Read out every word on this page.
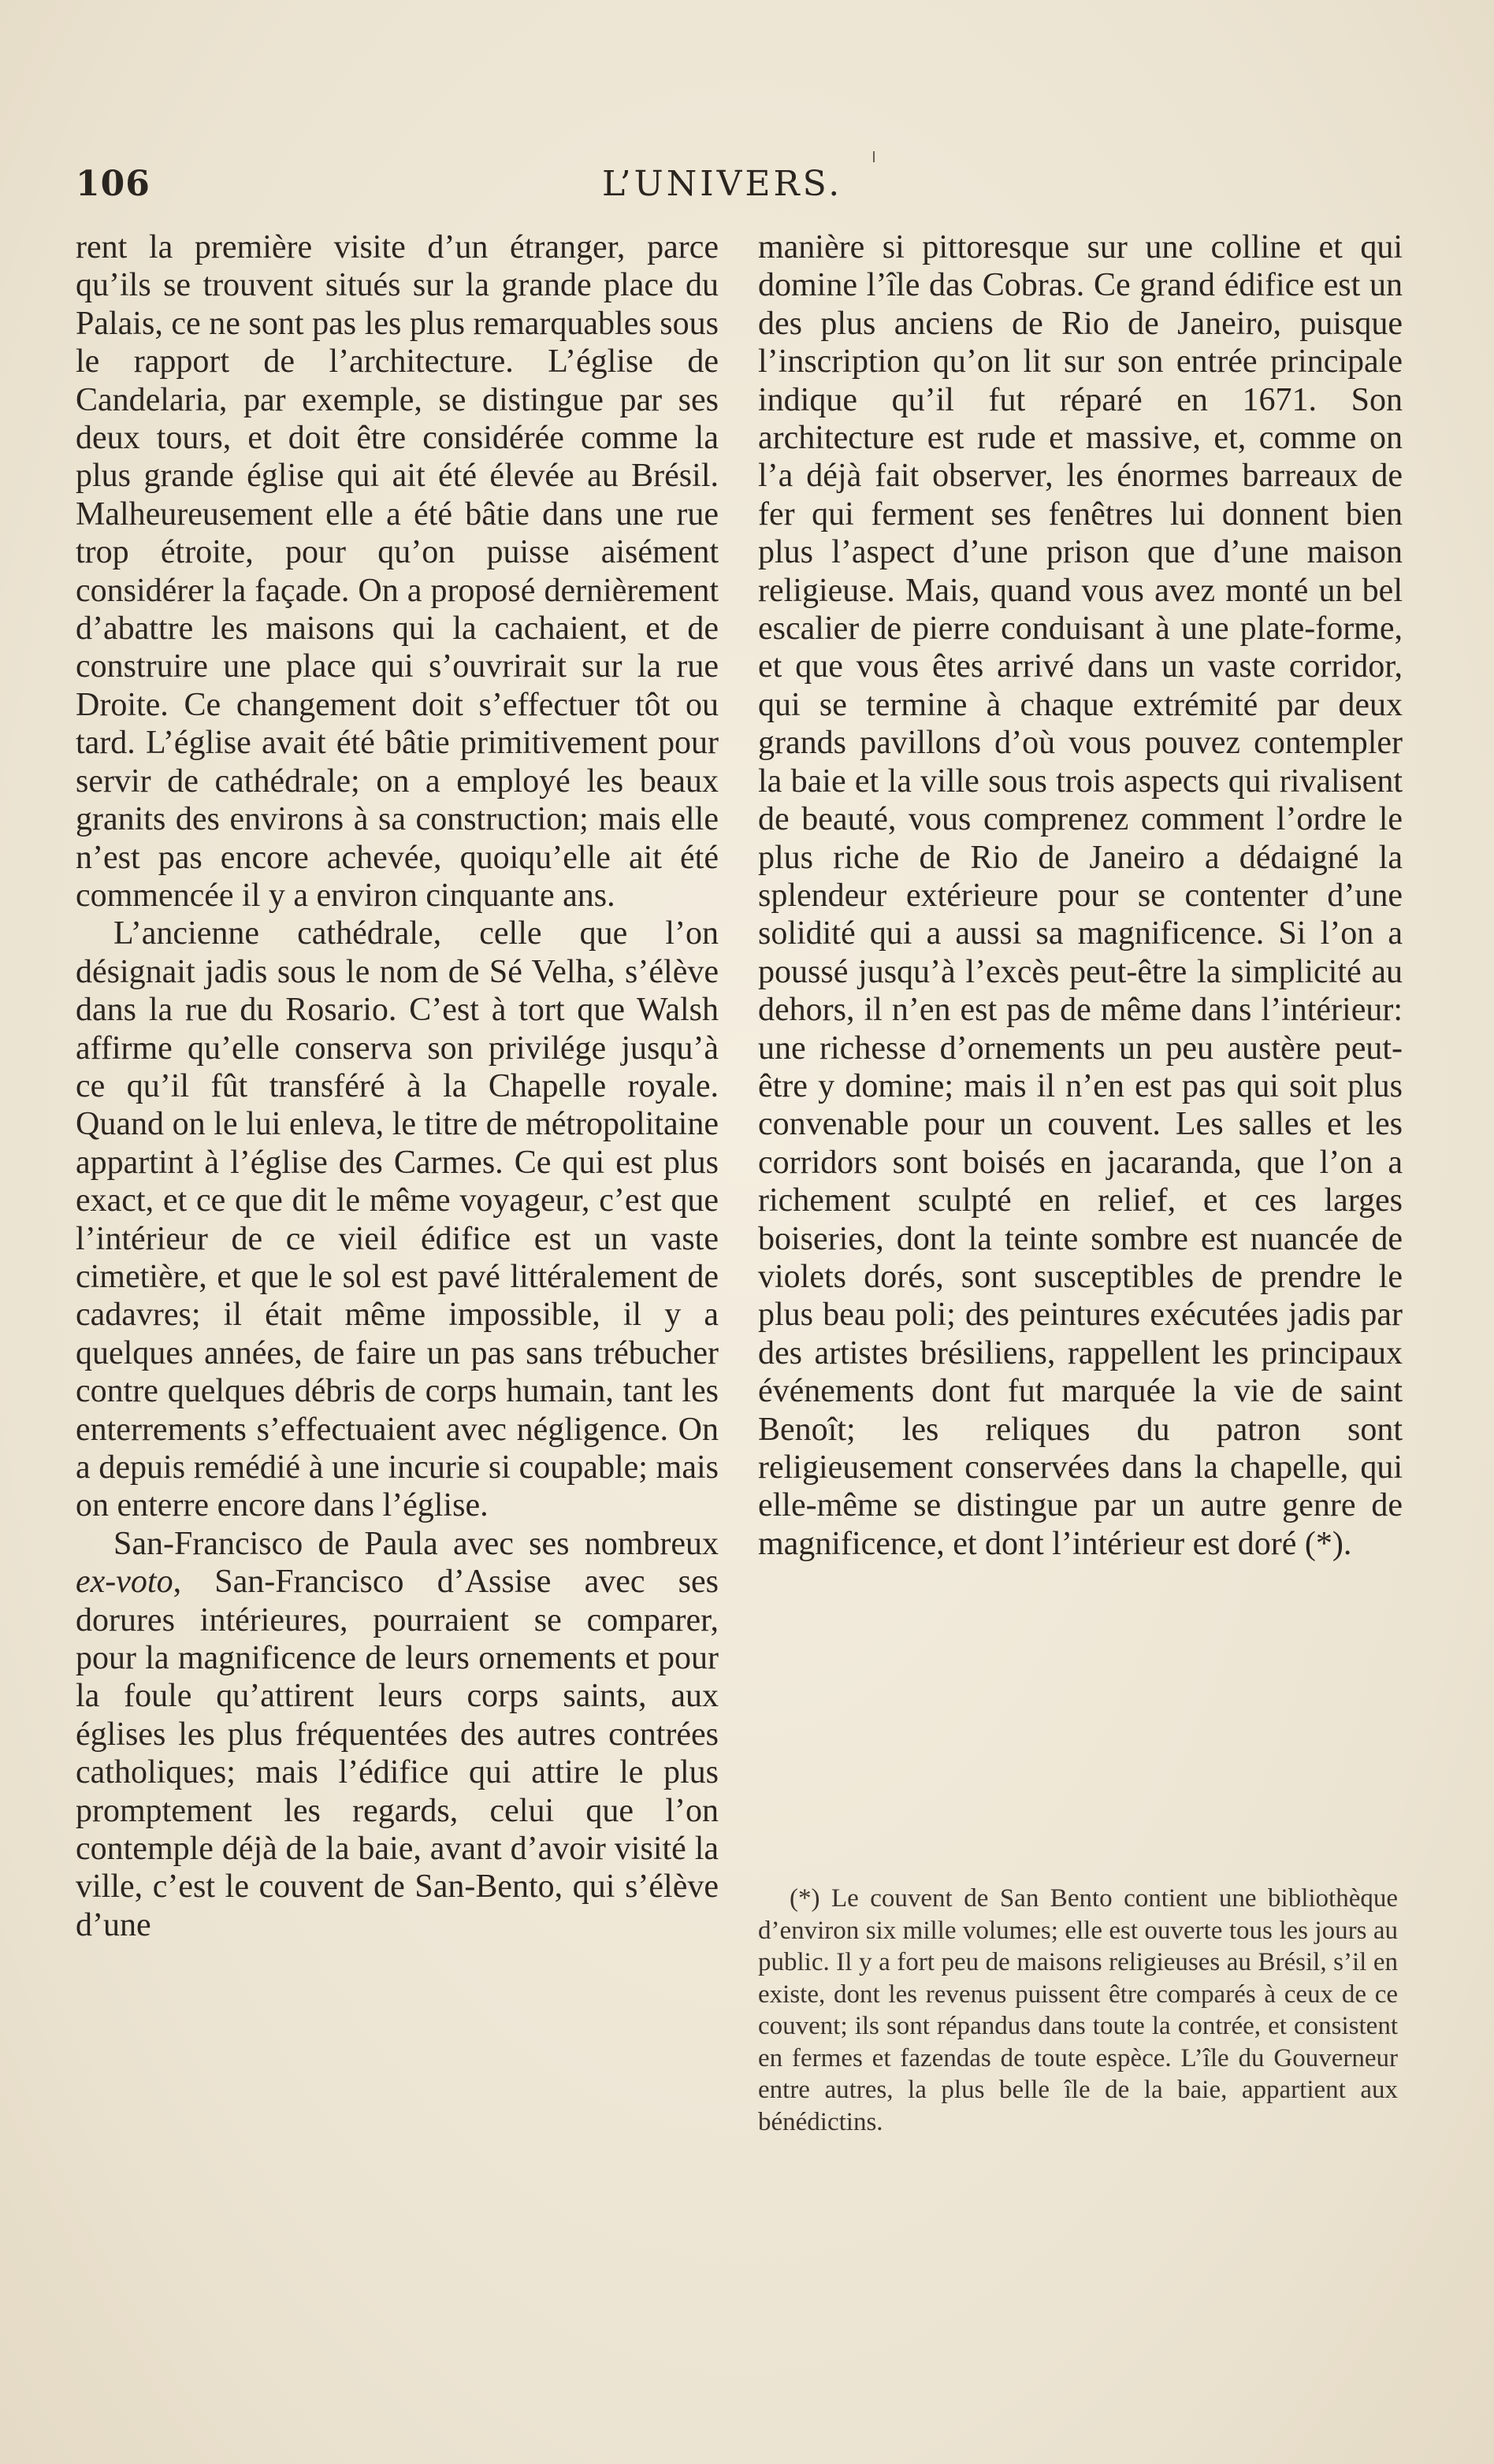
106	L’UNIVERS.

rent la première visite d’un étranger, parce qu’ils se trouvent situés sur la grande place du Palais, ce ne sont pas les plus remarquables sous le rapport de l’architecture. L’église de Candelaria, par exemple, se distingue par ses deux tours, et doit être considérée comme la plus grande église qui ait été élevée au Brésil. Malheureusement elle a été bâtie dans une rue trop étroite, pour qu’on puisse aisément considérer la façade. On a proposé dernièrement d’abattre les maisons qui la cachaient, et de construire une place qui s’ouvrirait sur la rue Droite. Ce changement doit s’effectuer tôt ou tard. L’église avait été bâtie primitivement pour servir de cathédrale; on a employé les beaux granits des environs à sa construction; mais elle n’est pas encore achevée, quoiqu’elle ait été commencée il y a environ cinquante ans.

L’ancienne cathédrale, celle que l’on désignait jadis sous le nom de Sé Velha, s’élève dans la rue du Rosario. C’est à tort que Walsh affirme qu’elle conserva son privilége jusqu’à ce qu’il fût transféré à la Chapelle royale. Quand on le lui enleva, le titre de métropolitaine appartint à l’église des Carmes. Ce qui est plus exact, et ce que dit le même voyageur, c’est que l’intérieur de ce vieil édifice est un vaste cimetière, et que le sol est pavé littéralement de cadavres; il était même impossible, il y a quelques années, de faire un pas sans trébucher contre quelques débris de corps humain, tant les enterrements s’effectuaient avec négligence. On a depuis remédié à une incurie si coupable; mais on enterre encore dans l’église.

San-Francisco de Paula avec ses nombreux ex-voto, San-Francisco d’Assise avec ses dorures intérieures, pourraient se comparer, pour la magnificence de leurs ornements et pour la foule qu’attirent leurs corps saints, aux églises les plus fréquentées des autres contrées catholiques; mais l’édifice qui attire le plus promptement les regards, celui que l’on contemple déjà de la baie, avant d’avoir visité la ville, c’est le couvent de San-Bento, qui s’élève d’une

manière si pittoresque sur une colline et qui domine l’île das Cobras. Ce grand édifice est un des plus anciens de Rio de Janeiro, puisque l’inscription qu’on lit sur son entrée principale indique qu’il fut réparé en 1671. Son architecture est rude et massive, et, comme on l’a déjà fait observer, les énormes barreaux de fer qui ferment ses fenêtres lui donnent bien plus l’aspect d’une prison que d’une maison religieuse. Mais, quand vous avez monté un bel escalier de pierre conduisant à une plate-forme, et que vous êtes arrivé dans un vaste corridor, qui se termine à chaque extrémité par deux grands pavillons d’où vous pouvez contempler la baie et la ville sous trois aspects qui rivalisent de beauté, vous comprenez comment l’ordre le plus riche de Rio de Janeiro a dédaigné la splendeur extérieure pour se contenter d’une solidité qui a aussi sa magnificence. Si l’on a poussé jusqu’à l’excès peut-être la simplicité au dehors, il n’en est pas de même dans l’intérieur: une richesse d’ornements un peu austère peut-être y domine; mais il n’en est pas qui soit plus convenable pour un couvent. Les salles et les corridors sont boisés en jacaranda, que l’on a richement sculpté en relief, et ces larges boiseries, dont la teinte sombre est nuancée de violets dorés, sont susceptibles de prendre le plus beau poli; des peintures exécutées jadis par des artistes brésiliens, rappellent les principaux événements dont fut marquée la vie de saint Benoît; les reliques du patron sont religieusement conservées dans la chapelle, qui elle-même se distingue par un autre genre de magnificence, et dont l’intérieur est doré (*).

(*) Le couvent de San Bento contient une bibliothèque d’environ six mille volumes; elle est ouverte tous les jours au public. Il y a fort peu de maisons religieuses au Brésil, s’il en existe, dont les revenus puissent être comparés à ceux de ce couvent; ils sont répandus dans toute la contrée, et consistent en fermes et fazendas de toute espèce. L’île du Gouverneur entre autres, la plus belle île de la baie, appartient aux bénédictins.
